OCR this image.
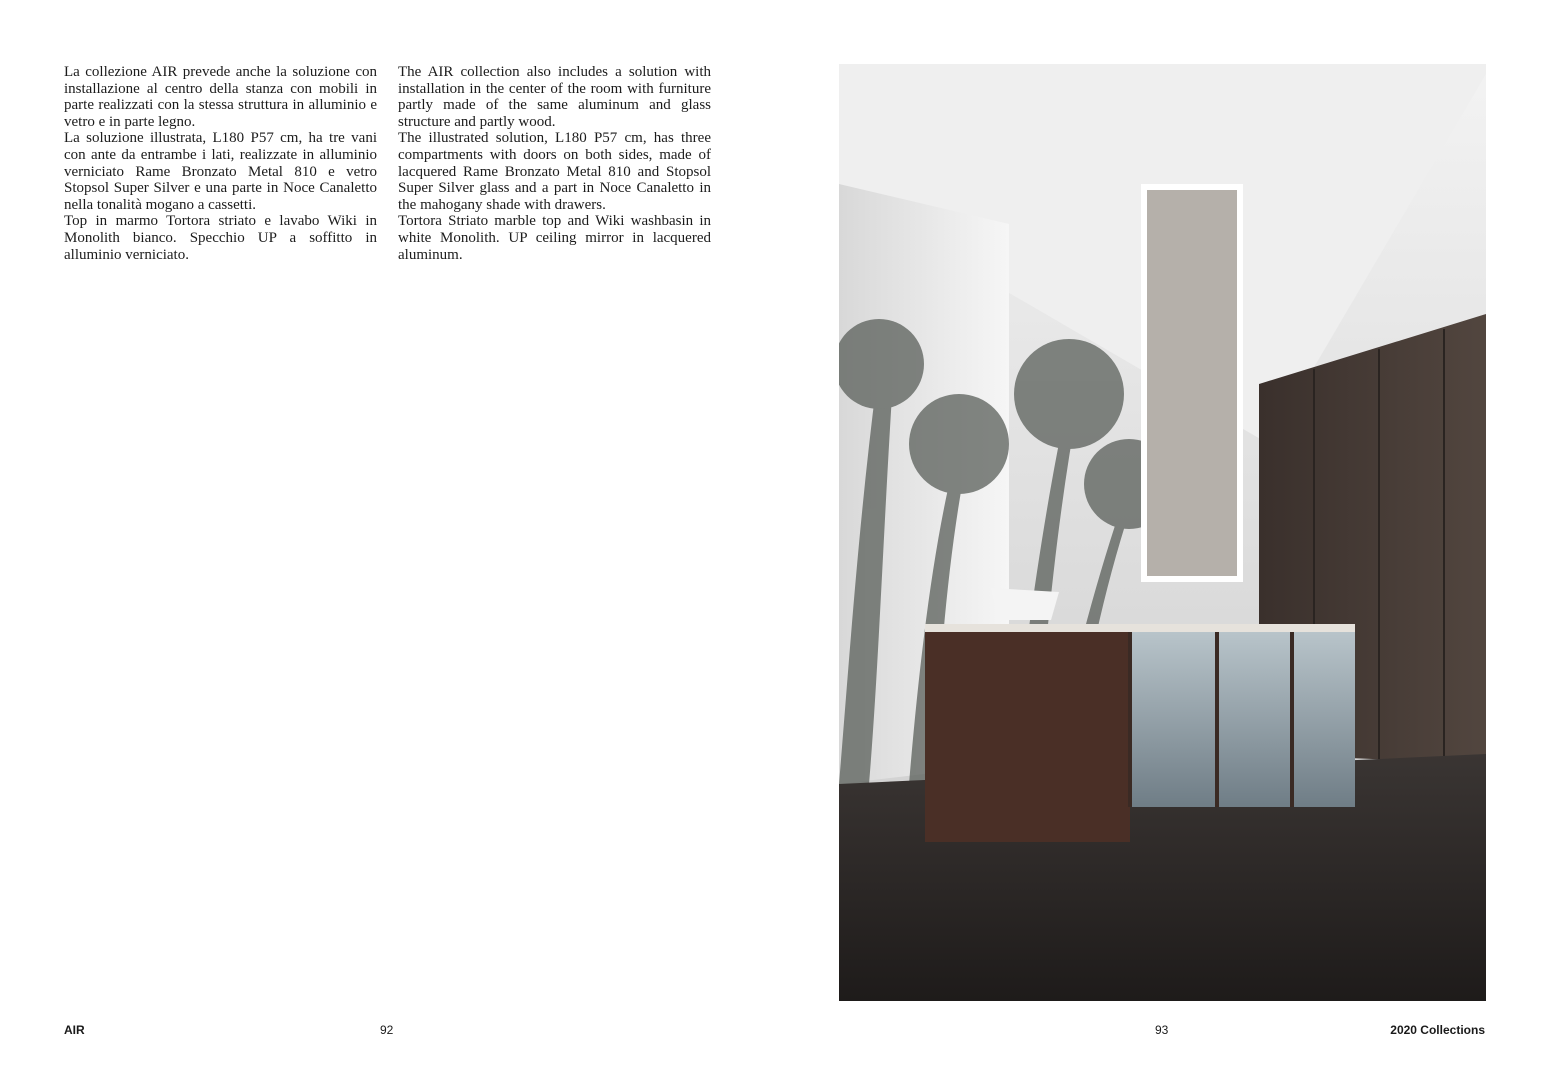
La collezione AIR prevede anche la soluzione con installazione al centro della stanza con mobili in parte realizzati con la stessa struttura in alluminio e vetro e in parte legno.

La soluzione illustrata, L180 P57 cm, ha tre vani con ante da entrambe i lati, realizzate in alluminio verniciato Rame Bronzato Metal 810 e vetro Stopsol Super Silver e una parte in Noce Canaletto nella tonalità mogano a cassetti.

Top in marmo Tortora striato e lavabo Wiki in Monolith bianco. Specchio UP a soffitto in alluminio verniciato.

The AIR collection also includes a solution with installation in the center of the room with furniture partly made of the same aluminum and glass structure and partly wood.

The illustrated solution, L180 P57 cm, has three compartments with doors on both sides, made of lacquered Rame Bronzato Metal 810 and Stopsol Super Silver glass and a part in Noce Canaletto in the mahogany shade with drawers.

Tortora Striato marble top and Wiki washbasin in white Monolith. UP ceiling mirror in lacquered aluminum.

AIR	92	93	2020 Collections
